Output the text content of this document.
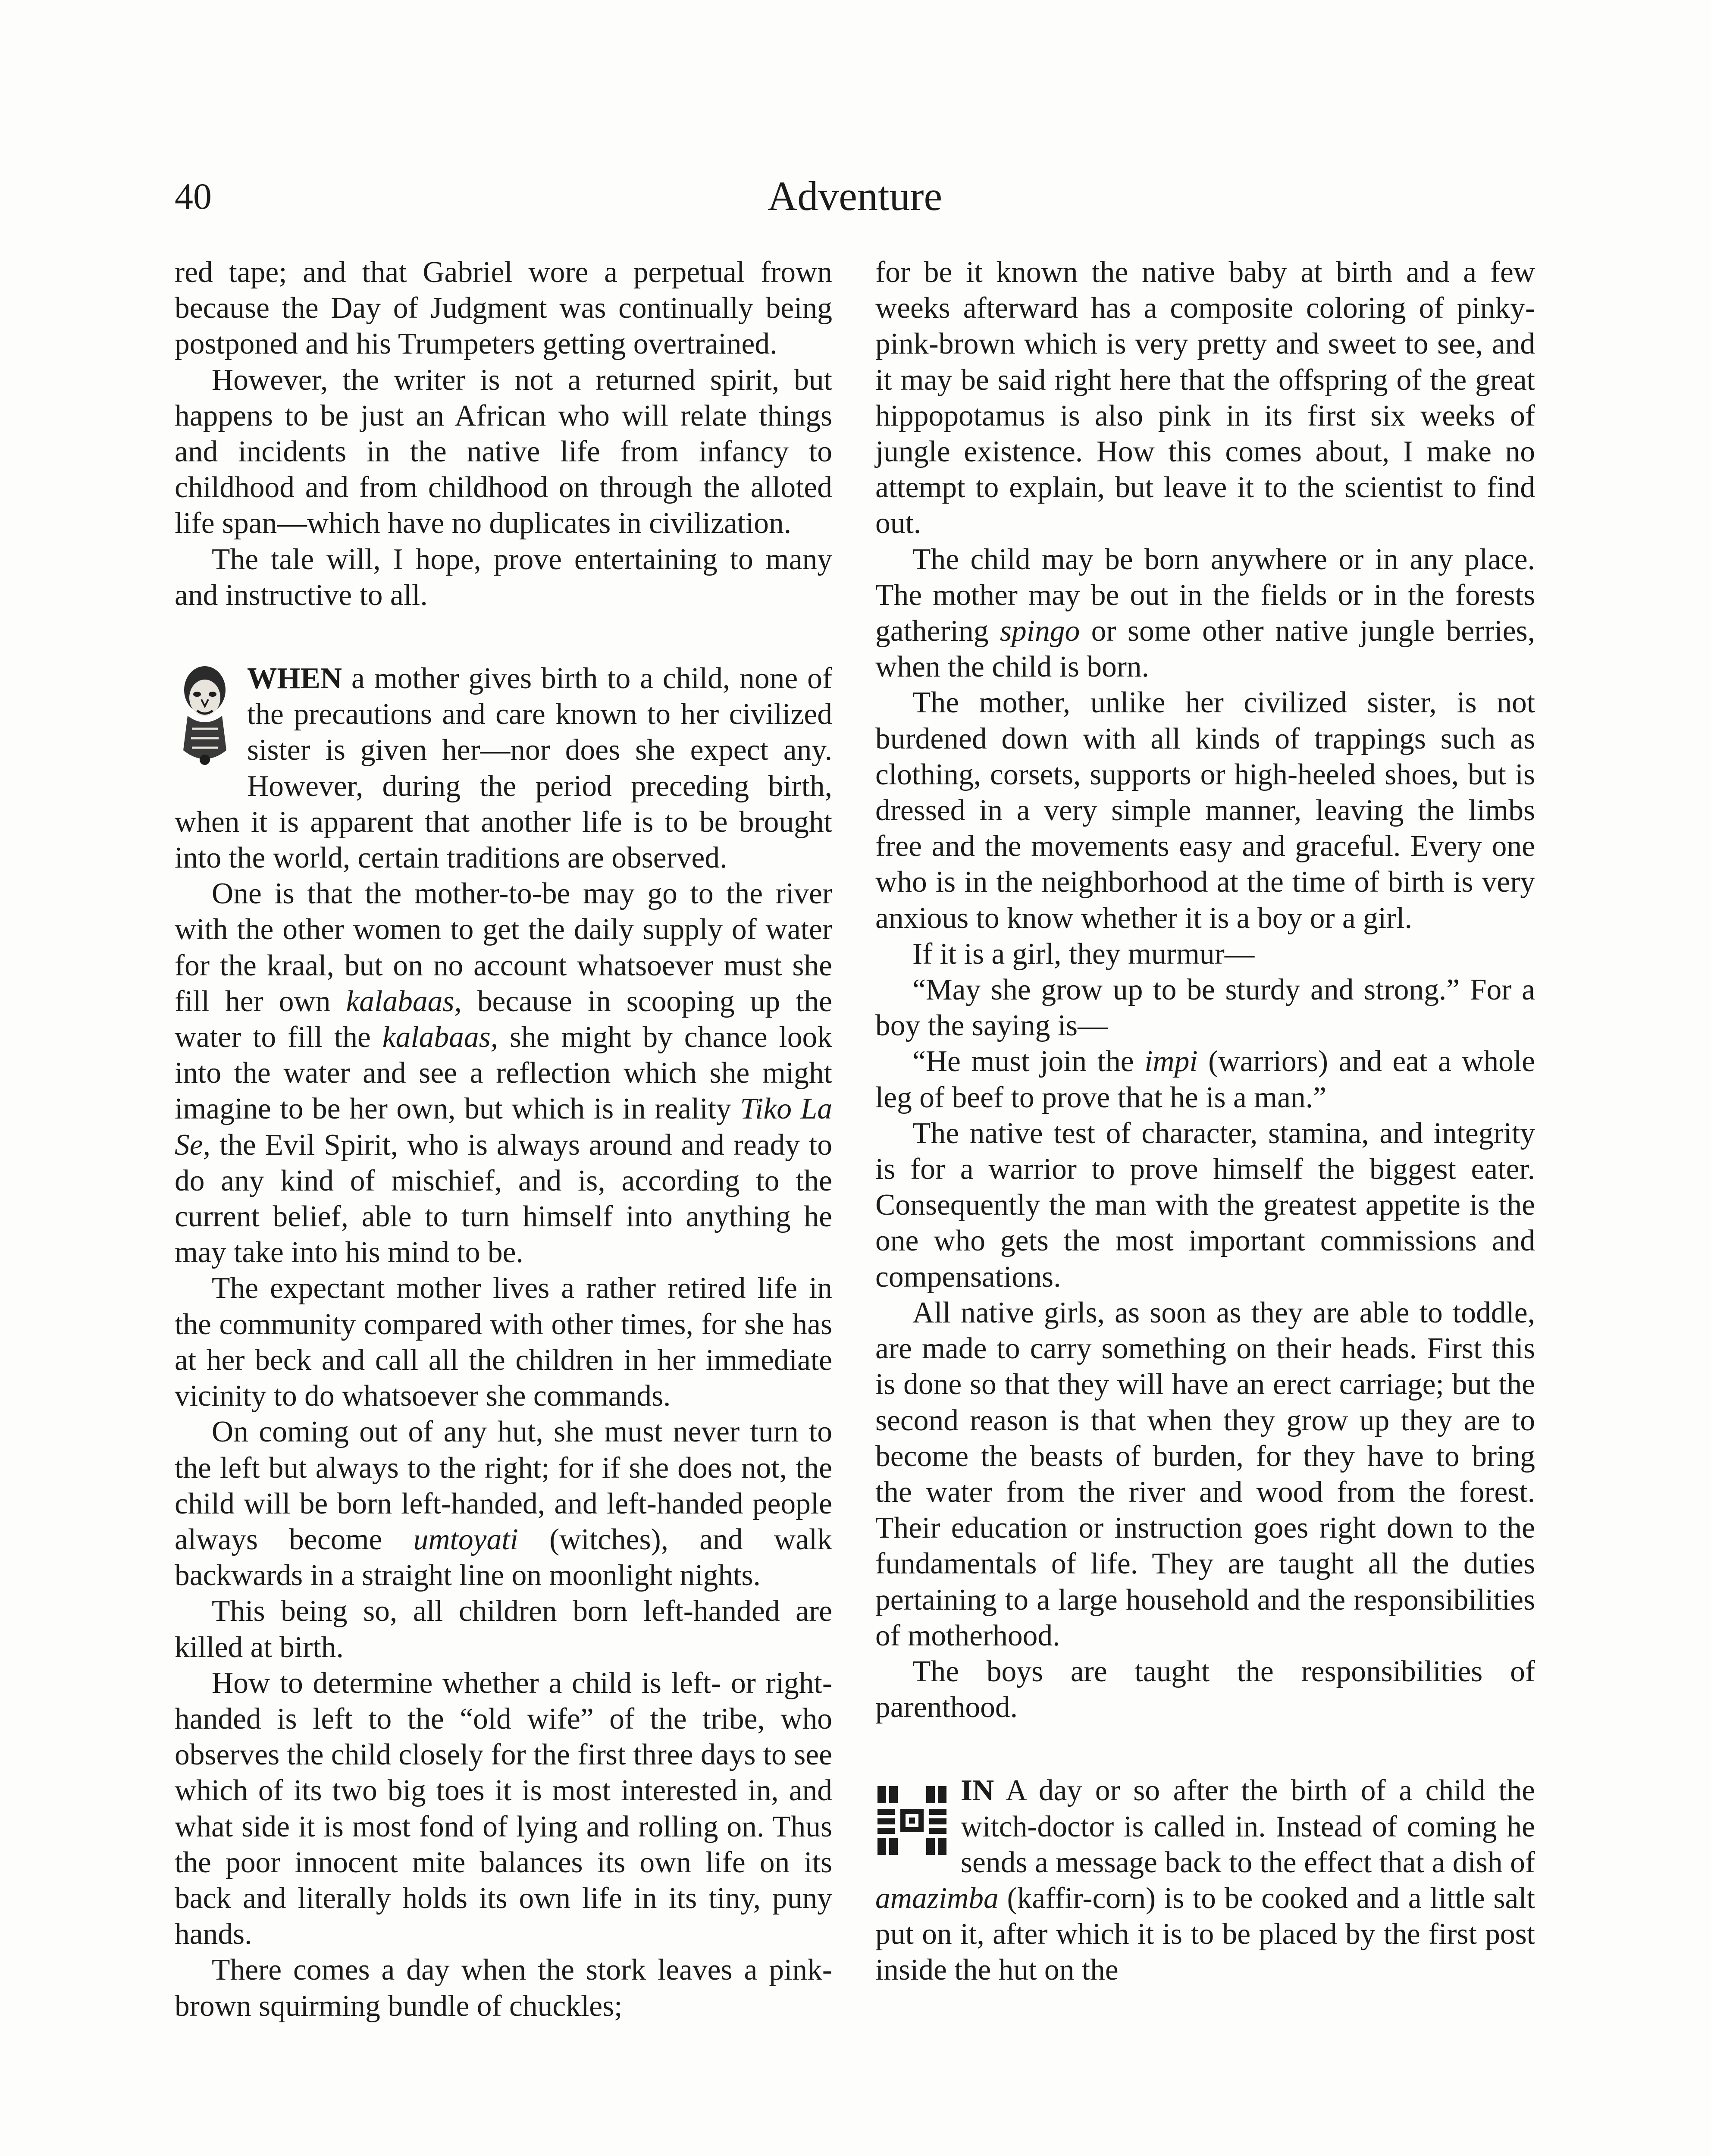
40	Adventure

red tape; and that Gabriel wore a perpetual frown because the Day of Judgment was continually being postponed and his Trumpeters getting overtrained.

However, the writer is not a returned spirit, but happens to be just an African who will relate things and incidents in the native life from infancy to childhood and from childhood on through the alloted life span—which have no duplicates in civilization.

The tale will, I hope, prove entertaining to many and instructive to all.

WHEN a mother gives birth to a child, none of the precautions and care known to her civilized sister is given her—nor does she expect any. However, during the period preceding birth, when it is apparent that another life is to be brought into the world, certain traditions are observed.

One is that the mother-to-be may go to the river with the other women to get the daily supply of water for the kraal, but on no account whatsoever must she fill her own kalabaas, because in scooping up the water to fill the kalabaas, she might by chance look into the water and see a reflection which she might imagine to be her own, but which is in reality Tiko La Se, the Evil Spirit, who is always around and ready to do any kind of mischief, and is, according to the current belief, able to turn himself into anything he may take into his mind to be.

The expectant mother lives a rather retired life in the community compared with other times, for she has at her beck and call all the children in her immediate vicinity to do whatsoever she commands.

On coming out of any hut, she must never turn to the left but always to the right; for if she does not, the child will be born left-handed, and left-handed people always become umtoyati (witches), and walk backwards in a straight line on moonlight nights.

This being so, all children born left-handed are killed at birth.

How to determine whether a child is left- or right-handed is left to the “old wife” of the tribe, who observes the child closely for the first three days to see which of its two big toes it is most interested in, and what side it is most fond of lying and rolling on. Thus the poor innocent mite balances its own life on its back and literally holds its own life in its tiny, puny hands.

There comes a day when the stork leaves a pink-brown squirming bundle of chuckles;

for be it known the native baby at birth and a few weeks afterward has a composite coloring of pinky-pink-brown which is very pretty and sweet to see, and it may be said right here that the offspring of the great hippopotamus is also pink in its first six weeks of jungle existence. How this comes about, I make no attempt to explain, but leave it to the scientist to find out.

The child may be born anywhere or in any place. The mother may be out in the fields or in the forests gathering spingo or some other native jungle berries, when the child is born.

The mother, unlike her civilized sister, is not burdened down with all kinds of trappings such as clothing, corsets, supports or high-heeled shoes, but is dressed in a very simple manner, leaving the limbs free and the movements easy and graceful. Every one who is in the neighborhood at the time of birth is very anxious to know whether it is a boy or a girl.

If it is a girl, they murmur—

“May she grow up to be sturdy and strong.” For a boy the saying is—

“He must join the impi (warriors) and eat a whole leg of beef to prove that he is a man.”

The native test of character, stamina, and integrity is for a warrior to prove himself the biggest eater. Consequently the man with the greatest appetite is the one who gets the most important commissions and compensations.

All native girls, as soon as they are able to toddle, are made to carry something on their heads. First this is done so that they will have an erect carriage; but the second reason is that when they grow up they are to become the beasts of burden, for they have to bring the water from the river and wood from the forest. Their education or instruction goes right down to the fundamentals of life. They are taught all the duties pertaining to a large household and the responsibilities of motherhood.

The boys are taught the responsibilities of parenthood.

IN A day or so after the birth of a child the witch-doctor is called in. Instead of coming he sends a message back to the effect that a dish of amazimba (kaffir-corn) is to be cooked and a little salt put on it, after which it is to be placed by the first post inside the hut on the
